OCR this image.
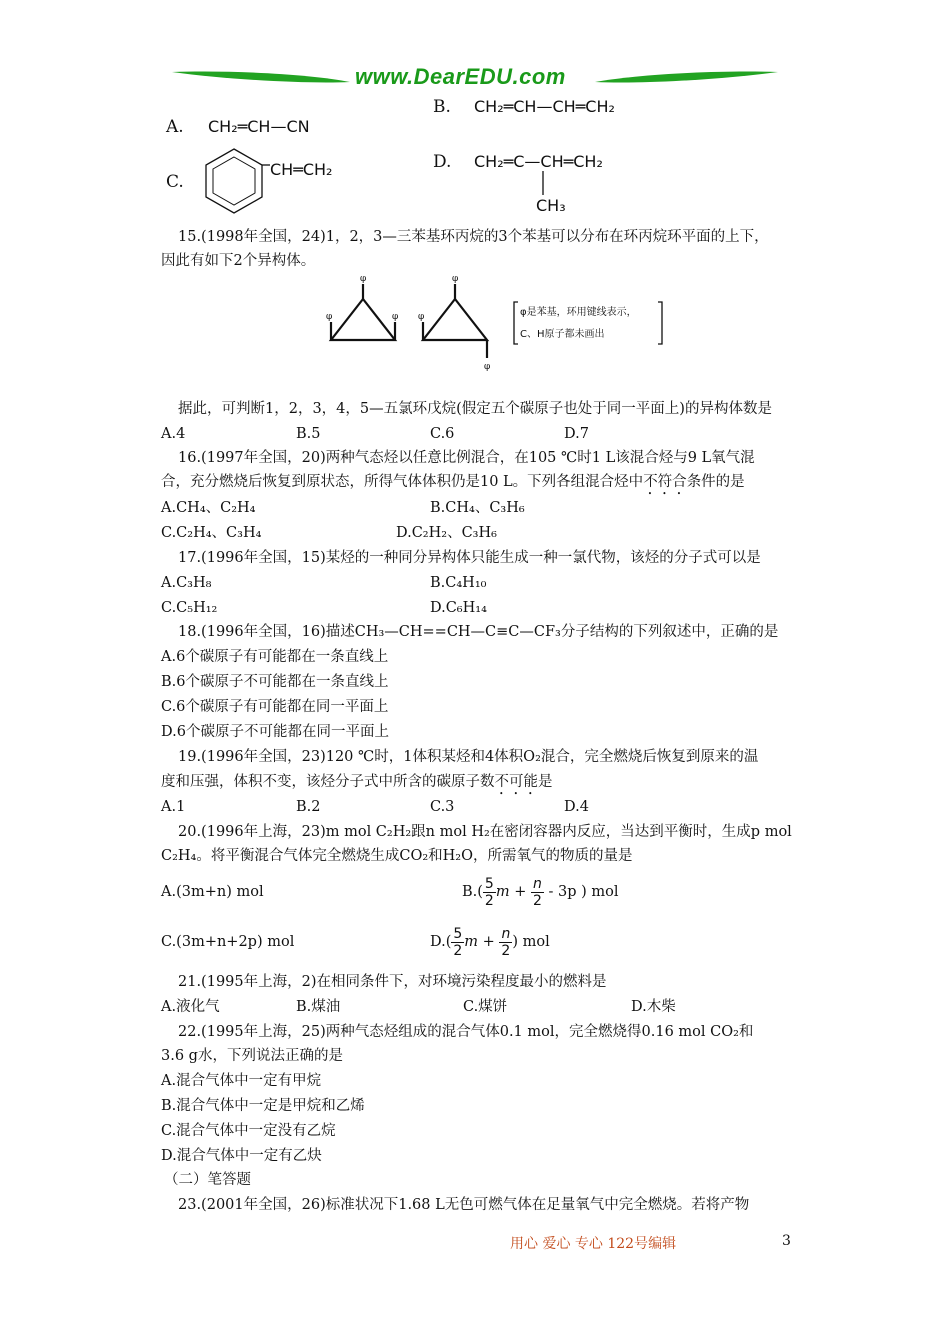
www.DearEDU.com
A. CH₂═CH—CN
B. CH₂═CH—CH═CH₂
C.
CH═CH₂	D. CH₂═C—CH═CH₂
CH₃
15.(1998年全国，24)1，2，3—三苯基环丙烷的3个苯基可以分布在环丙烷环平面的上下，
因此有如下2个异构体。
φ
φ	φ
φ
φ
φ
φ是苯基，环用键线表示，
C、H原子都未画出
据此，可判断1，2，3，4，5—五氯环戊烷(假定五个碳原子也处于同一平面上)的异构体数是
A.4	B.5	C.6	D.7
16.(1997年全国，20)两种气态烃以任意比例混合，在105 ℃时1 L该混合烃与9 L氧气混
合，充分燃烧后恢复到原状态，所得气体体积仍是10 L。下列各组混合烃中不符合条件的是
A.CH₄、C₂H₄	B.CH₄、C₃H₆
C.C₂H₄、C₃H₄	D.C₂H₂、C₃H₆
17.(1996年全国，15)某烃的一种同分异构体只能生成一种一氯代物，该烃的分子式可以是
A.C₃H₈	B.C₄H₁₀
C.C₅H₁₂	D.C₆H₁₄
18.(1996年全国，16)描述CH₃—CH==CH—C≡C—CF₃分子结构的下列叙述中，正确的是
A.6个碳原子有可能都在一条直线上
B.6个碳原子不可能都在一条直线上
C.6个碳原子有可能都在同一平面上
D.6个碳原子不可能都在同一平面上
19.(1996年全国，23)120 ℃时，1体积某烃和4体积O₂混合，完全燃烧后恢复到原来的温
度和压强，体积不变，该烃分子式中所含的碳原子数不可能是
A.1	B.2	C.3	D.4
20.(1996年上海，23)m mol C₂H₂跟n mol H₂在密闭容器内反应，当达到平衡时，生成p mol
C₂H₄。将平衡混合气体完全燃烧生成CO₂和H₂O，所需氧气的物质的量是
A.(3m+n) mol	$B.( \frac{5}{2}$ $m + \frac{n}{2} - 3p$ ) mol
C.(3m+n+2p) mol	$D.( \frac{5}{2}$ $m + \frac{n}{2}$ ) mol
21.(1995年上海，2)在相同条件下，对环境污染程度最小的燃料是
A.液化气	B.煤油	C.煤饼	D.木柴
22.(1995年上海，25)两种气态烃组成的混合气体0.1 mol，完全燃烧得0.16 mol CO₂和
3.6 g水，下列说法正确的是
A.混合气体中一定有甲烷
B.混合气体中一定是甲烷和乙烯
C.混合气体中一定没有乙烷
D.混合气体中一定有乙炔
（二）笔答题
23.(2001年全国，26)标准状况下1.68 L无色可燃气体在足量氧气中完全燃烧。若将产物
用心 爱心 专心 122号编辑	3
